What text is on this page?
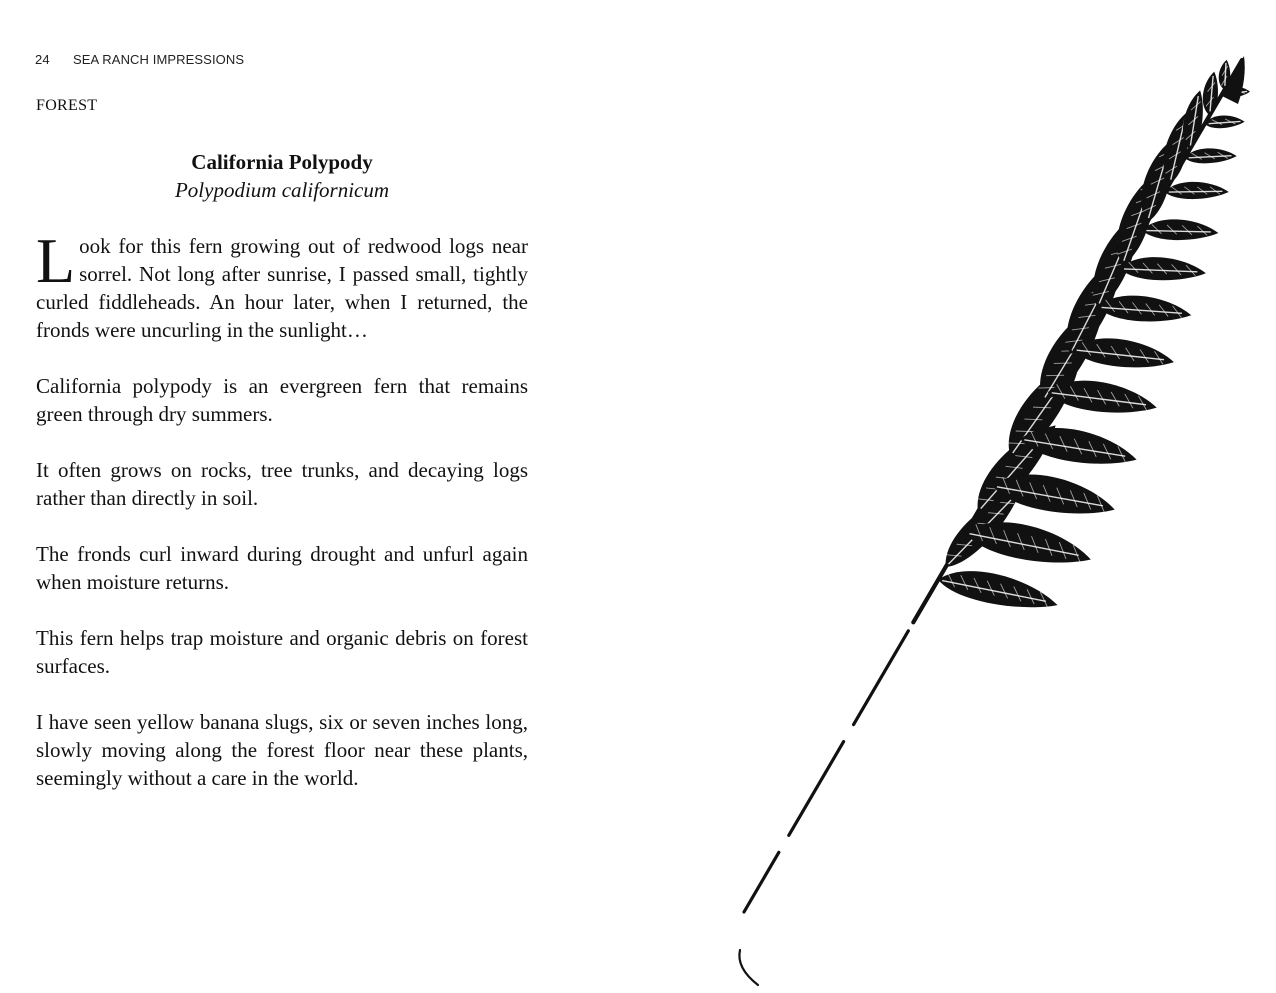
24 SEA RANCH IMPRESSIONS
FOREST
California Polypody
Polypodium californicum

Look for this fern growing out of redwood logs near sorrel. Not long after sunrise, I passed small, tightly curled fiddleheads. An hour later, when I returned, the fronds were uncurling in the sunlight…

California polypody is an evergreen fern that remains green through dry summers.

It often grows on rocks, tree trunks, and decaying logs rather than directly in soil.

The fronds curl inward during drought and unfurl again when moisture returns.

This fern helps trap moisture and organic debris on forest surfaces.

I have seen yellow banana slugs, six or seven inches long, slowly moving along the forest floor near these plants, seemingly without a care in the world.
